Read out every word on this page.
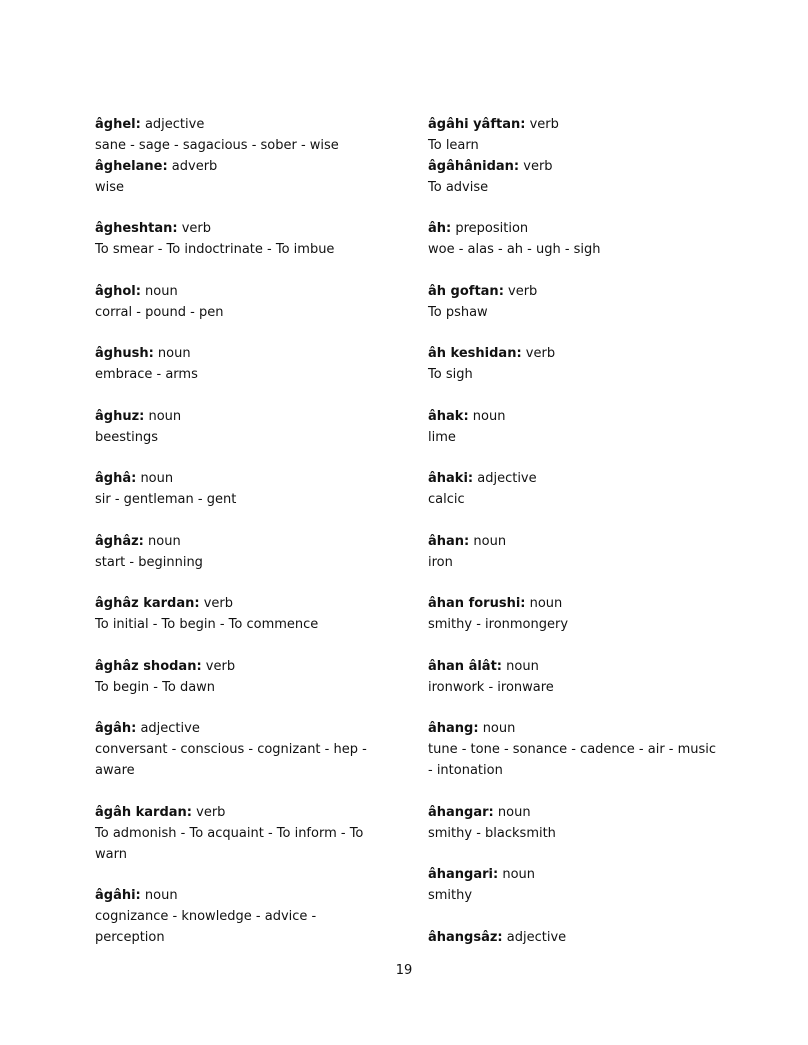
âghel: adjective
sane - sage - sagacious - sober - wise
âghelane: adverb
wise
âgheshtan: verb
To smear - To indoctrinate - To imbue
âghol: noun
corral - pound - pen
âghush: noun
embrace - arms
âghuz: noun
beestings
âghâ: noun
sir - gentleman - gent
âghâz: noun
start - beginning
âghâz kardan: verb
To initial - To begin - To commence
âghâz shodan: verb
To begin - To dawn
âgâh: adjective
conversant - conscious - cognizant - hep -
aware
âgâh kardan: verb
To admonish - To acquaint - To inform - To
warn
âgâhi: noun
cognizance - knowledge - advice -
perception
âgâhi yâftan: verb
To learn
âgâhânidan: verb
To advise
âh: preposition
woe - alas - ah - ugh - sigh
âh goftan: verb
To pshaw
âh keshidan: verb
To sigh
âhak: noun
lime
âhaki: adjective
calcic
âhan: noun
iron
âhan forushi: noun
smithy - ironmongery
âhan âlât: noun
ironwork - ironware
âhang: noun
tune - tone - sonance - cadence - air - music
- intonation
âhangar: noun
smithy - blacksmith
âhangari: noun
smithy
âhangsâz: adjective
19
